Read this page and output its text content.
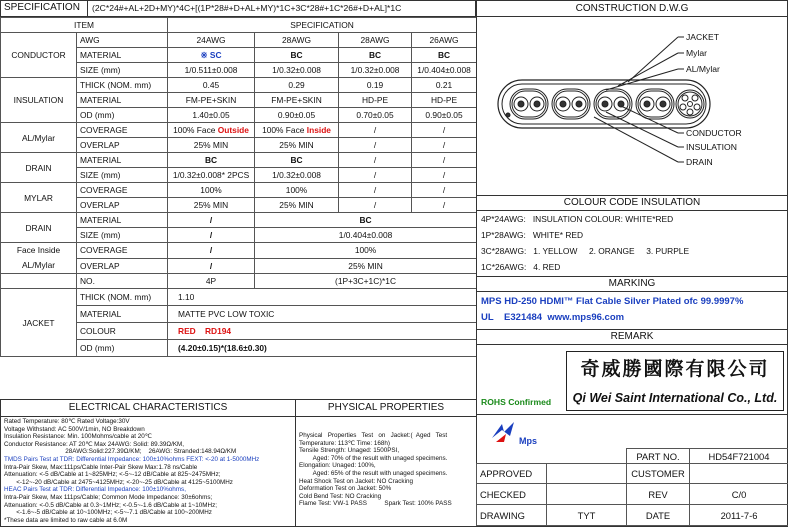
SPECIFICATION (2C*24#+AL+2D+MY)*4C+[(1P*28#+D+AL+MY)*1C+3C*28#+1C*26#+D+AL]*1C
ITEM		SPECIFICATION			
CONDUCTOR	AWG	24AWG	28AWG	28AWG	26AWG
	MATERIAL	※ SC	BC	BC	BC
	SIZE (mm)	1/0.511±0.008	1/0.32±0.008	1/0.32±0.008	1/0.404±0.008
INSULATION	THICK (NOM. mm)	0.45	0.29	0.19	0.21
	MATERIAL	FM-PE+SKIN	FM-PE+SKIN	HD-PE	HD-PE
	OD (mm)	1.40±0.05	0.90±0.05	0.70±0.05	0.90±0.05
AL/Mylar	COVERAGE	100% Face Outside	100% Face Inside	/	/
	OVERLAP	25% MIN	25% MIN	/	/
DRAIN	MATERIAL	BC	BC	/	/
	SIZE (mm)	1/0.32±0.008* 2PCS	1/0.32±0.008	/	/
MYLAR	COVERAGE	100%	100%	/	/
	OVERLAP	25% MIN	25% MIN	/	/
DRAIN	MATERIAL	/	BC		
	SIZE (mm)	/	1/0.404±0.008		
Face Inside
AL/Mylar	COVERAGE	/	100%		
	OVERLAP	/	25% MIN		
	NO.	4P	(1P+3C+1C)*1C		
JACKET	THICK (NOM. mm)	1.10			
	MATERIAL	MATTE PVC LOW TOXIC			
	COLOUR	RED    RD194			
	OD (mm)	(4.20±0.15)*(18.6±0.30)			
CONSTRUCTION D.W.G
JACKET
Mylar
AL/Mylar
CONDUCTOR
INSULATION
DRAIN
COLOUR CODE INSULATION
4P*24AWG:   INSULATION COLOUR: WHITE*RED
1P*28AWG:   WHITE* RED
3C*28AWG:   1. YELLOW     2. ORANGE     3. PURPLE
1C*26AWG:   4. RED
MARKING
MPS HD-250 HDMI™ Flat Cable Silver Plated ofc 99.9997%
UL    E321484  www.mps96.com
REMARK
ROHS Confirmed
奇威勝國際有限公司
Qi Wei Saint International Co., Ltd.
ELECTRICAL CHARACTERISTICS
Rated Temperature: 80℃ Rated Voltage:30V
Voltage Withstand: AC 500V/1min, NO Breakdown
Insulation Resistance: Min. 100Mohms/cable at 20℃
Conductor Resistance: AT 20℃ Max 24AWG: Solid: 89.39Ω/KM,
28AWG:Solid:227.39Ω/KM;    26AWG: Stranded:148.94Ω/KM
TMDS Pairs Test at TDR: Differential Impedance: 100±10%ohms FEXT: <-20 at 1-5000MHz
Intra-Pair Skew, Max:111ps/Cable Inter-Pair Skew Max:1.78 ns/Cable
Attenuation: <-5 dB/Cable at 1~825MHz; <-5~-12 dB/Cable at 825~2475MHz;
<-12~-20 dB/Cable at 2475~4125MHz; <-20~-25 dB/Cable at 4125~5100MHz
HEAC Pairs Test at TDR: Differential Impedance: 100±10%ohms,
Intra-Pair Skew, Max 111ps/Cable; Common Mode Impedance: 30±6ohms;
Attenuation: <-0.5 dB/Cable at 0.3~1MHz; <-0.5~-1.6 dB/Cable at 1~10MHz;
<-1.6~-5 dB/Cable at 10~100MHz; <-5~-7.1 dB/Cable at 100~200MHz
*These data are limited to raw cable at 6.0M
PHYSICAL PROPERTIES
Physical   Properties   Test   on   Jacket:(  Aged   Test
Temperature: 113℃ Time: 168h)
Tensile Strength: Unaged: 1500PSI,
Aged: 70% of the result with unaged specimens.
Elongation: Unaged: 100%,
Aged: 65% of the result with unaged specimens.
Heat Shock Test on Jacket: NO Cracking
Deformation Test on Jacket: 50%
Cold Bend Test: NO Cracking
Flame Test: VW-1 PASS          Spark Test: 100% PASS
Mps
		PART NO.	HD54F721004
APPROVED		CUSTOMER	
CHECKED		REV	C/0
DRAWING	TYT	DATE	2011-7-6
